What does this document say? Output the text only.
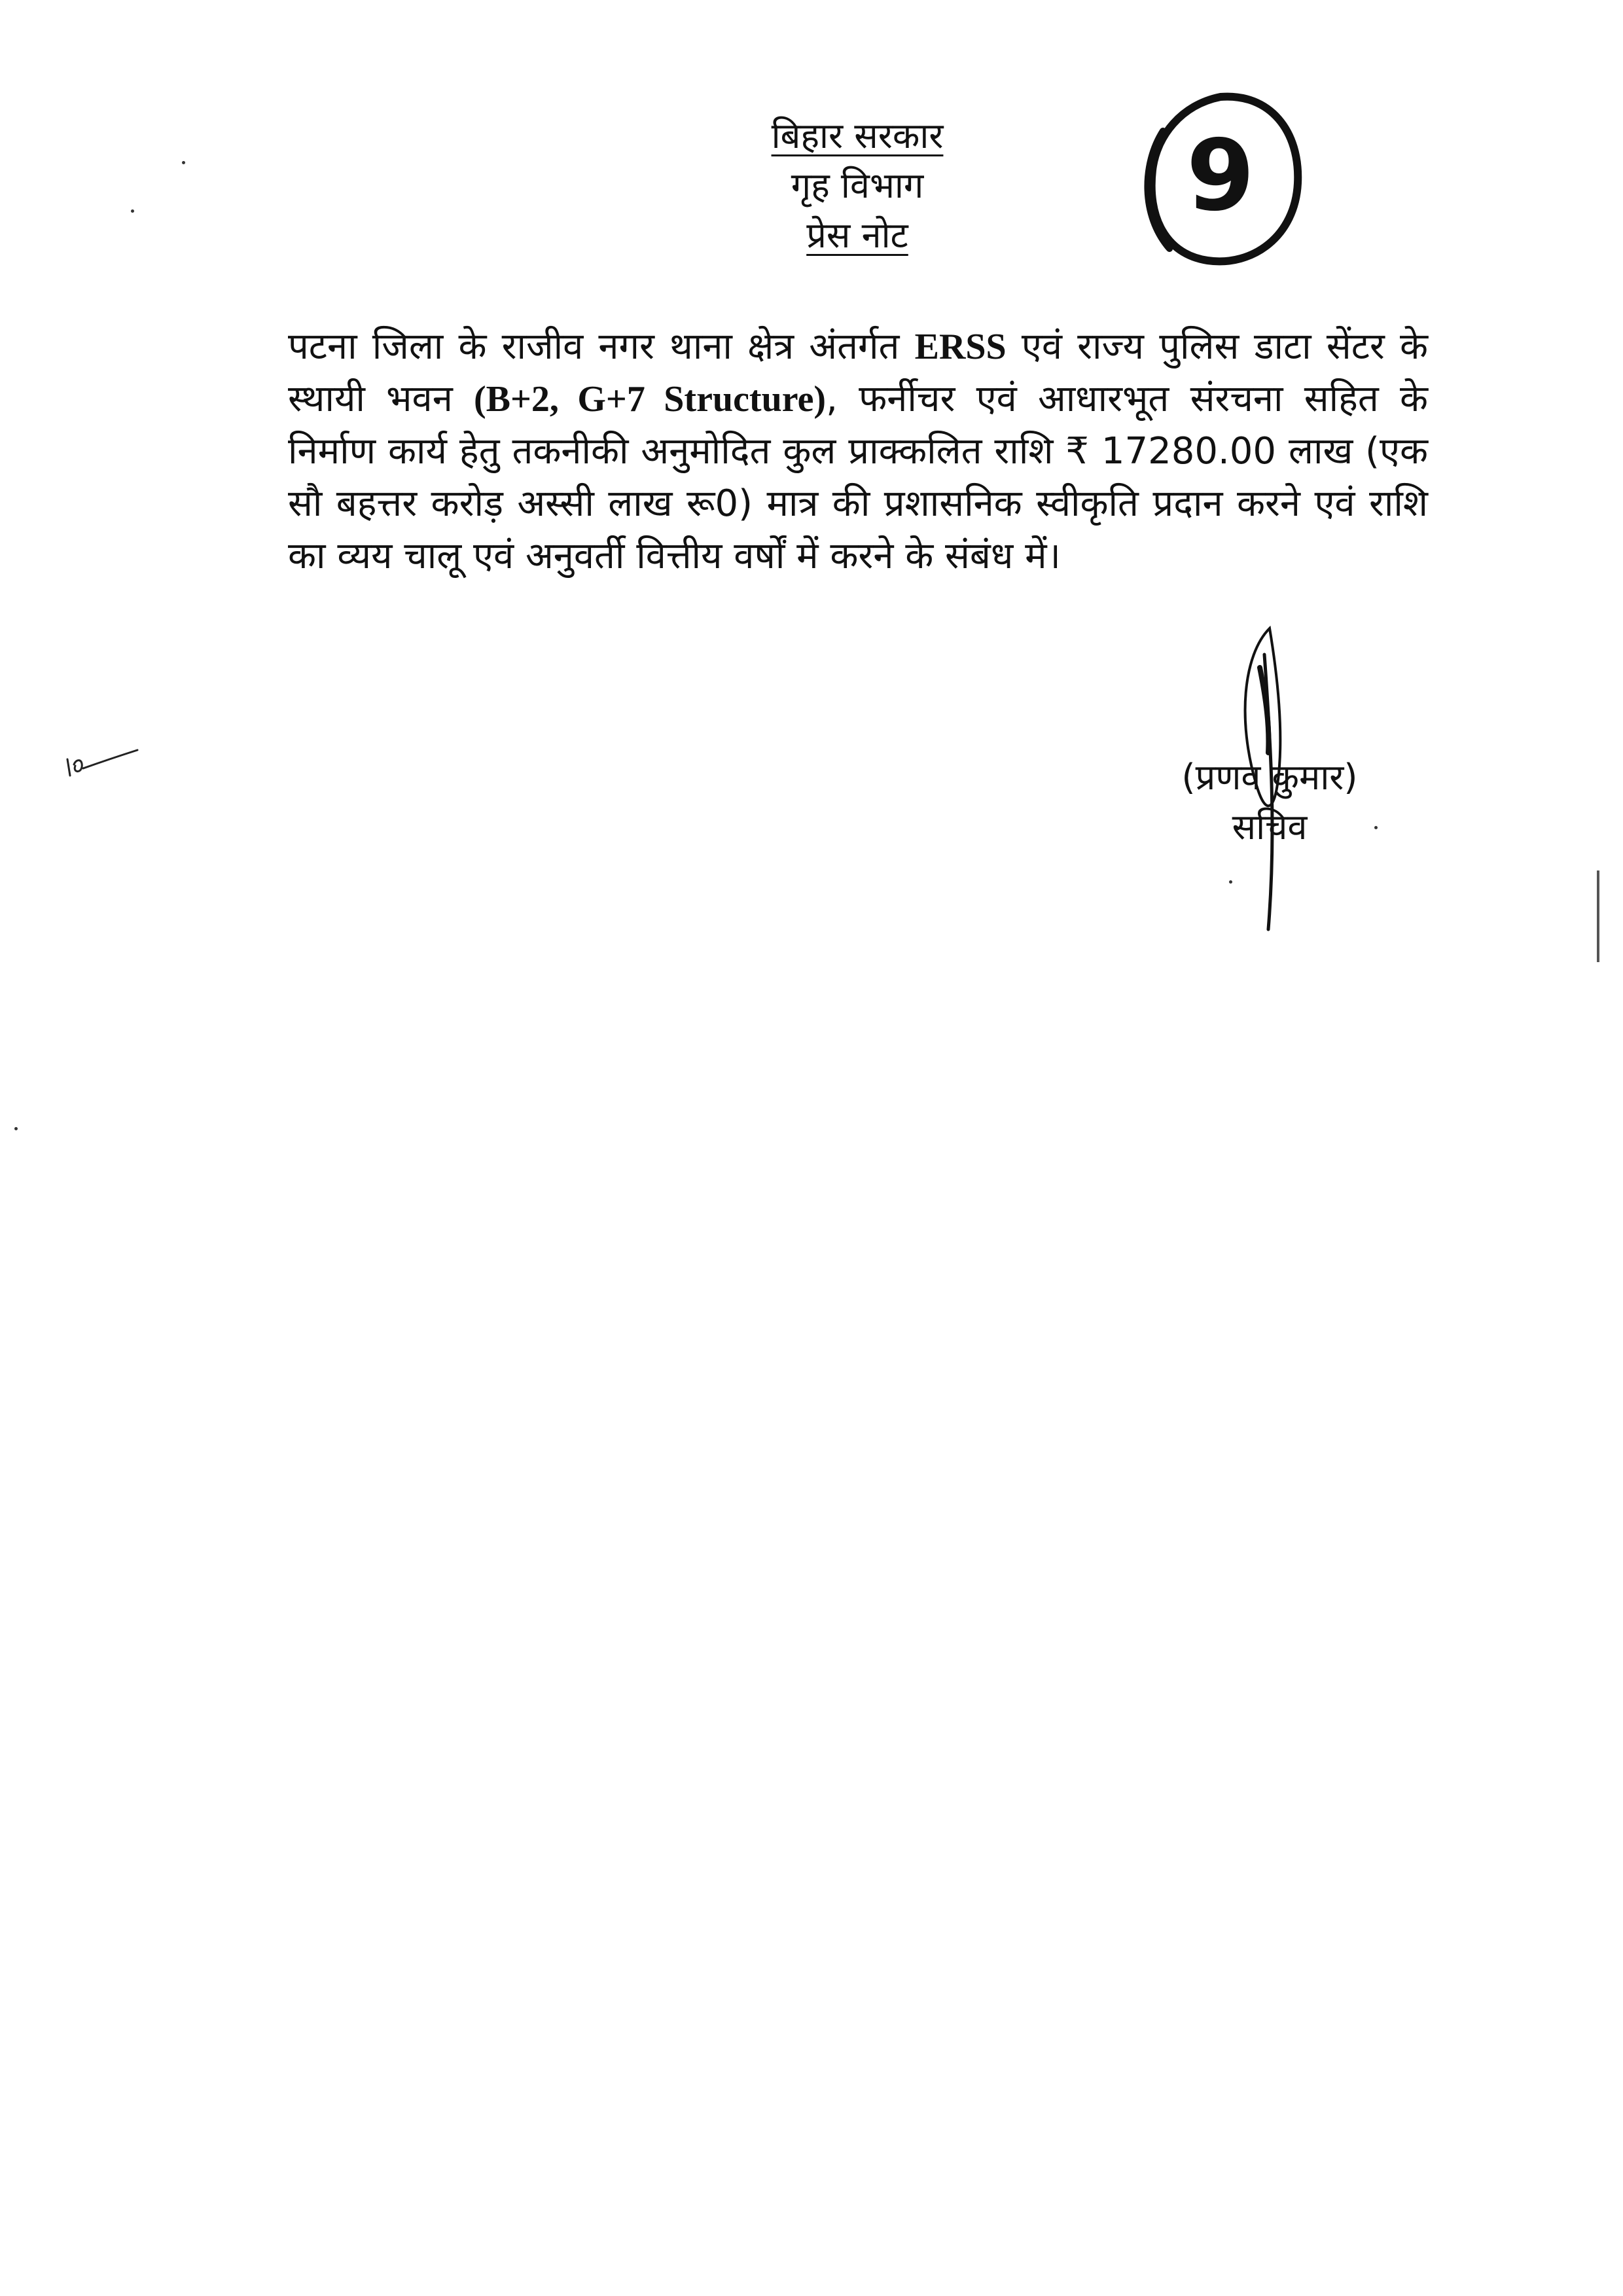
बिहार सरकार
गृह विभाग
प्रेस नोट
9
पटना जिला के राजीव नगर थाना क्षेत्र अंतर्गत ERSS एवं राज्य पुलिस डाटा सेंटर के स्थायी भवन (B+2, G+7 Structure), फर्नीचर एवं आधारभूत संरचना सहित के निर्माण कार्य हेतु तकनीकी अनुमोदित कुल प्राक्कलित राशि ₹ 17280.00 लाख (एक सौ बहत्तर करोड़ अस्सी लाख रू0) मात्र की प्रशासनिक स्वीकृति प्रदान करने एवं राशि का व्यय चालू एवं अनुवर्ती वित्तीय वर्षों में करने के संबंध में।
(प्रणव कुमार)
सचिव
